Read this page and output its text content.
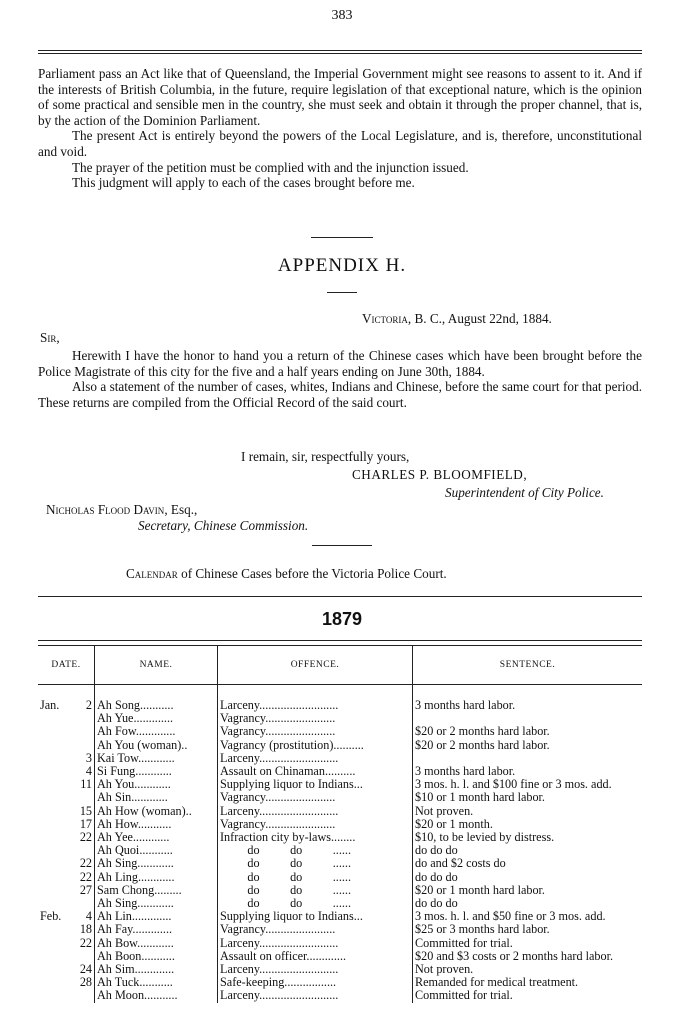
383

Parliament pass an Act like that of Queensland, the Imperial Government might see reasons to assent to it. And if the interests of British Columbia, in the future, require legislation of that exceptional nature, which is the opinion of some practical and sensible men in the country, she must seek and obtain it through the proper channel, that is, by the action of the Dominion Parliament.

The present Act is entirely beyond the powers of the Local Legislature, and is, therefore, unconstitutional and void.

The prayer of the petition must be complied with and the injunction issued.

This judgment will apply to each of the cases brought before me.

APPENDIX H.
Victoria, B. C., August 22nd, 1884.
Sir,

Herewith I have the honor to hand you a return of the Chinese cases which have been brought before the Police Magistrate of this city for the five and a half years ending on June 30th, 1884.

Also a statement of the number of cases, whites, Indians and Chinese, before the same court for that period. These returns are compiled from the Official Record of the said court.

I remain, sir, respectfully yours,
CHARLES P. BLOOMFIELD,
Superintendent of City Police.
Nicholas Flood Davin, Esq.,
Secretary, Chinese Commission.
Calendar of Chinese Cases before the Victoria Police Court.
1879
DATE.	NAME.	OFFENCE.	SENTENCE.

Jan. 2	Ah Song...........	Larceny..........................	3 months hard labor.

	Ah Yue.............	Vagrancy.......................	

	Ah Fow.............	Vagrancy.......................	$20 or 2 months hard labor.

	Ah You (woman)..	Vagrancy (prostitution)..........	$20 or 2 months hard labor.

3	Kai Tow............	Larceny..........................	

4	Si Fung............	Assault on Chinaman..........	3 months hard labor.

11	Ah You............	Supplying liquor to Indians...	3 mos. h. l. and $100 fine or 3 mos. add.

	Ah Sin............	Vagrancy.......................	$10 or 1 month hard labor.

15	Ah How (woman)..	Larceny..........................	Not proven.

17	Ah How...........	Vagrancy.......................	$20 or 1 month.

22	Ah Yee............	Infraction city by-laws........	$10, to be levied by distress.

	Ah Quoi...........	do          do          ......	do do do

22	Ah Sing............	do          do          ......	do and $2 costs do

22	Ah Ling............	do          do          ......	do do do

27	Sam Chong.........	do          do          ......	$20 or 1 month hard labor.

	Ah Sing............	do          do          ......	do do do

Feb. 4	Ah Lin.............	Supplying liquor to Indians...	3 mos. h. l. and $50 fine or 3 mos. add.

18	Ah Fay.............	Vagrancy.......................	$25 or 3 months hard labor.

22	Ah Bow............	Larceny..........................	Committed for trial.

	Ah Boon...........	Assault on officer.............	$20 and $3 costs or 2 months hard labor.

24	Ah Sim.............	Larceny..........................	Not proven.

28	Ah Tuck...........	Safe-keeping.................	Remanded for medical treatment.

	Ah Moon...........	Larceny..........................	Committed for trial.
